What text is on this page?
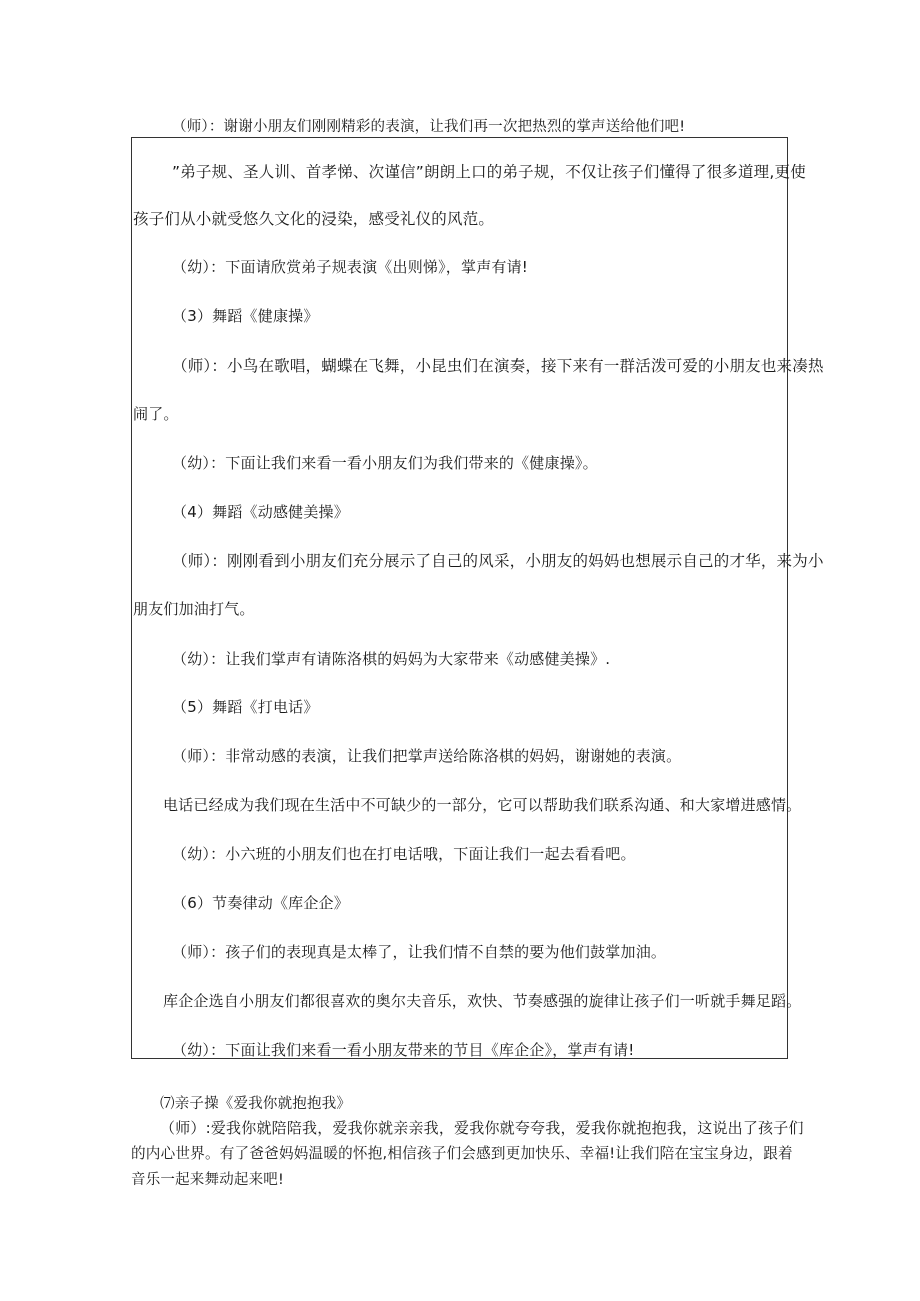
（师）：谢谢小朋友们刚刚精彩的表演，让我们再一次把热烈的掌声送给他们吧!
”弟子规、圣人训、首孝悌、次谨信”朗朗上口的弟子规，不仅让孩子们懂得了很多道理,更使
孩子们从小就受悠久文化的浸染，感受礼仪的风范。
（幼）：下面请欣赏弟子规表演《出则悌》，掌声有请!
（3）舞蹈《健康操》
（师）：小鸟在歌唱，蝴蝶在飞舞，小昆虫们在演奏，接下来有一群活泼可爱的小朋友也来凑热
闹了。
（幼）：下面让我们来看一看小朋友们为我们带来的《健康操》。
（4）舞蹈《动感健美操》
（师）：刚刚看到小朋友们充分展示了自己的风采，小朋友的妈妈也想展示自己的才华，来为小
朋友们加油打气。
（幼）：让我们掌声有请陈洛棋的妈妈为大家带来《动感健美操》.
（5）舞蹈《打电话》
（师）：非常动感的表演，让我们把掌声送给陈洛棋的妈妈，谢谢她的表演。
电话已经成为我们现在生活中不可缺少的一部分，它可以帮助我们联系沟通、和大家增进感情。
（幼）：小六班的小朋友们也在打电话哦，下面让我们一起去看看吧。
（6）节奏律动《库企企》
（师）：孩子们的表现真是太棒了，让我们情不自禁的要为他们鼓掌加油。
库企企选自小朋友们都很喜欢的奥尔夫音乐，欢快、节奏感强的旋律让孩子们一听就手舞足蹈。
（幼）：下面让我们来看一看小朋友带来的节目《库企企》，掌声有请!
⑺亲子操《爱我你就抱抱我》
（师）:爱我你就陪陪我，爱我你就亲亲我，爱我你就夸夸我，爱我你就抱抱我，这说出了孩子们
的内心世界。有了爸爸妈妈温暖的怀抱,相信孩子们会感到更加快乐、幸福!让我们陪在宝宝身边，跟着
音乐一起来舞动起来吧!
